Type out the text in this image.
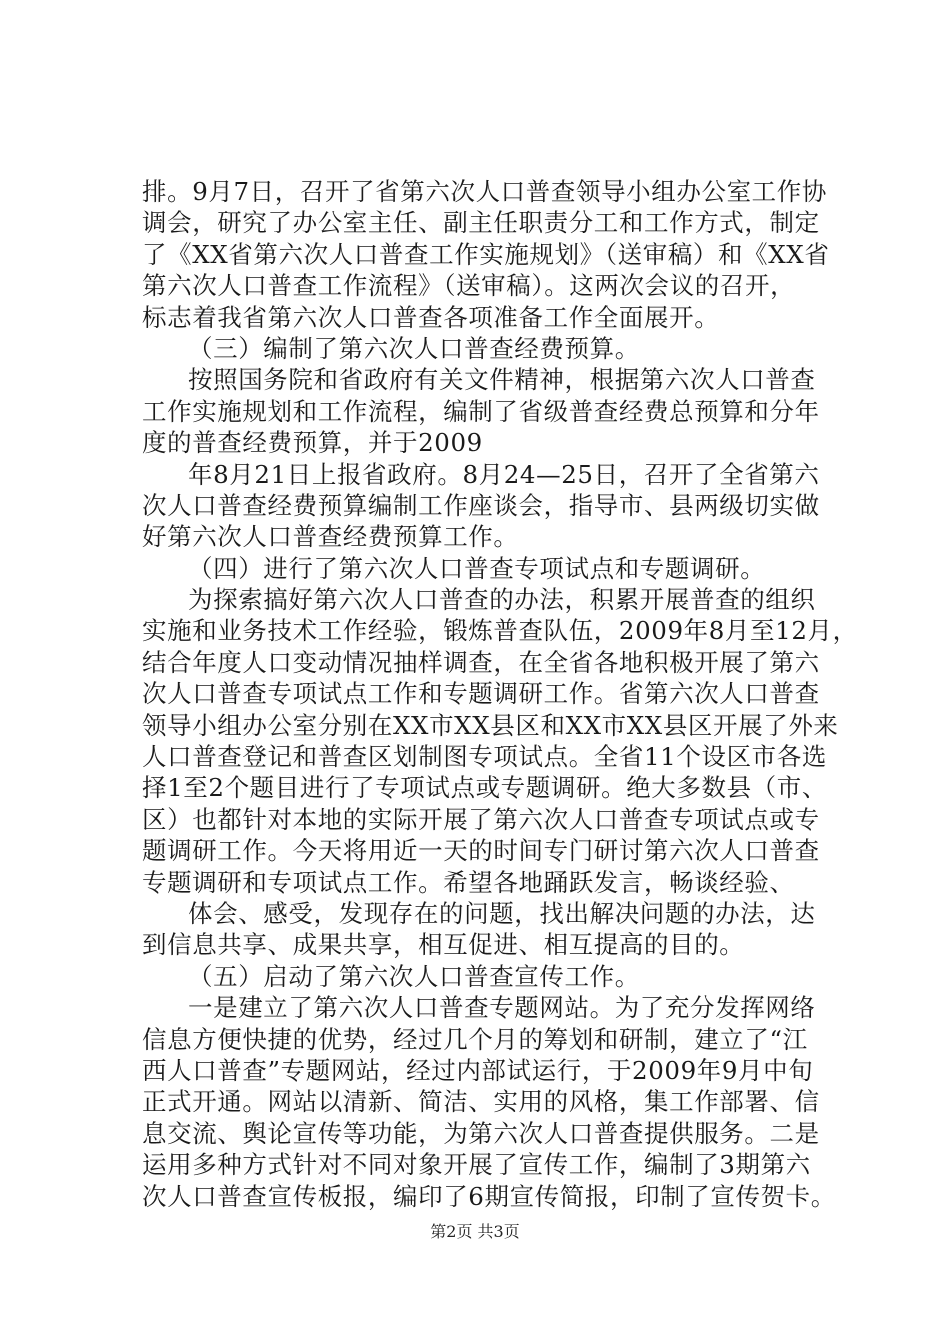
排。9月7日，召开了省第六次人口普查领导小组办公室工作协
调会，研究了办公室主任、副主任职责分工和工作方式，制定
了《XX省第六次人口普查工作实施规划》（送审稿）和《XX省
第六次人口普查工作流程》（送审稿）。这两次会议的召开，
标志着我省第六次人口普查各项准备工作全面展开。
（三）编制了第六次人口普查经费预算。
按照国务院和省政府有关文件精神，根据第六次人口普查
工作实施规划和工作流程，编制了省级普查经费总预算和分年
度的普查经费预算，并于2009
年8月21日上报省政府。8月24—25日，召开了全省第六
次人口普查经费预算编制工作座谈会，指导市、县两级切实做
好第六次人口普查经费预算工作。
（四）进行了第六次人口普查专项试点和专题调研。
为探索搞好第六次人口普查的办法，积累开展普查的组织
实施和业务技术工作经验，锻炼普查队伍，2009年8月至12月，
结合年度人口变动情况抽样调查，在全省各地积极开展了第六
次人口普查专项试点工作和专题调研工作。省第六次人口普查
领导小组办公室分别在XX市XX县区和XX市XX县区开展了外来
人口普查登记和普查区划制图专项试点。全省11个设区市各选
择1至2个题目进行了专项试点或专题调研。绝大多数县（市、
区）也都针对本地的实际开展了第六次人口普查专项试点或专
题调研工作。今天将用近一天的时间专门研讨第六次人口普查
专题调研和专项试点工作。希望各地踊跃发言，畅谈经验、
体会、感受，发现存在的问题，找出解决问题的办法，达
到信息共享、成果共享，相互促进、相互提高的目的。
（五）启动了第六次人口普查宣传工作。
一是建立了第六次人口普查专题网站。为了充分发挥网络
信息方便快捷的优势，经过几个月的筹划和研制，建立了“江
西人口普查”专题网站，经过内部试运行，于2009年9月中旬
正式开通。网站以清新、简洁、实用的风格，集工作部署、信
息交流、舆论宣传等功能，为第六次人口普查提供服务。二是
运用多种方式针对不同对象开展了宣传工作，编制了3期第六
次人口普查宣传板报，编印了6期宣传简报，印制了宣传贺卡。
第2页 共3页
